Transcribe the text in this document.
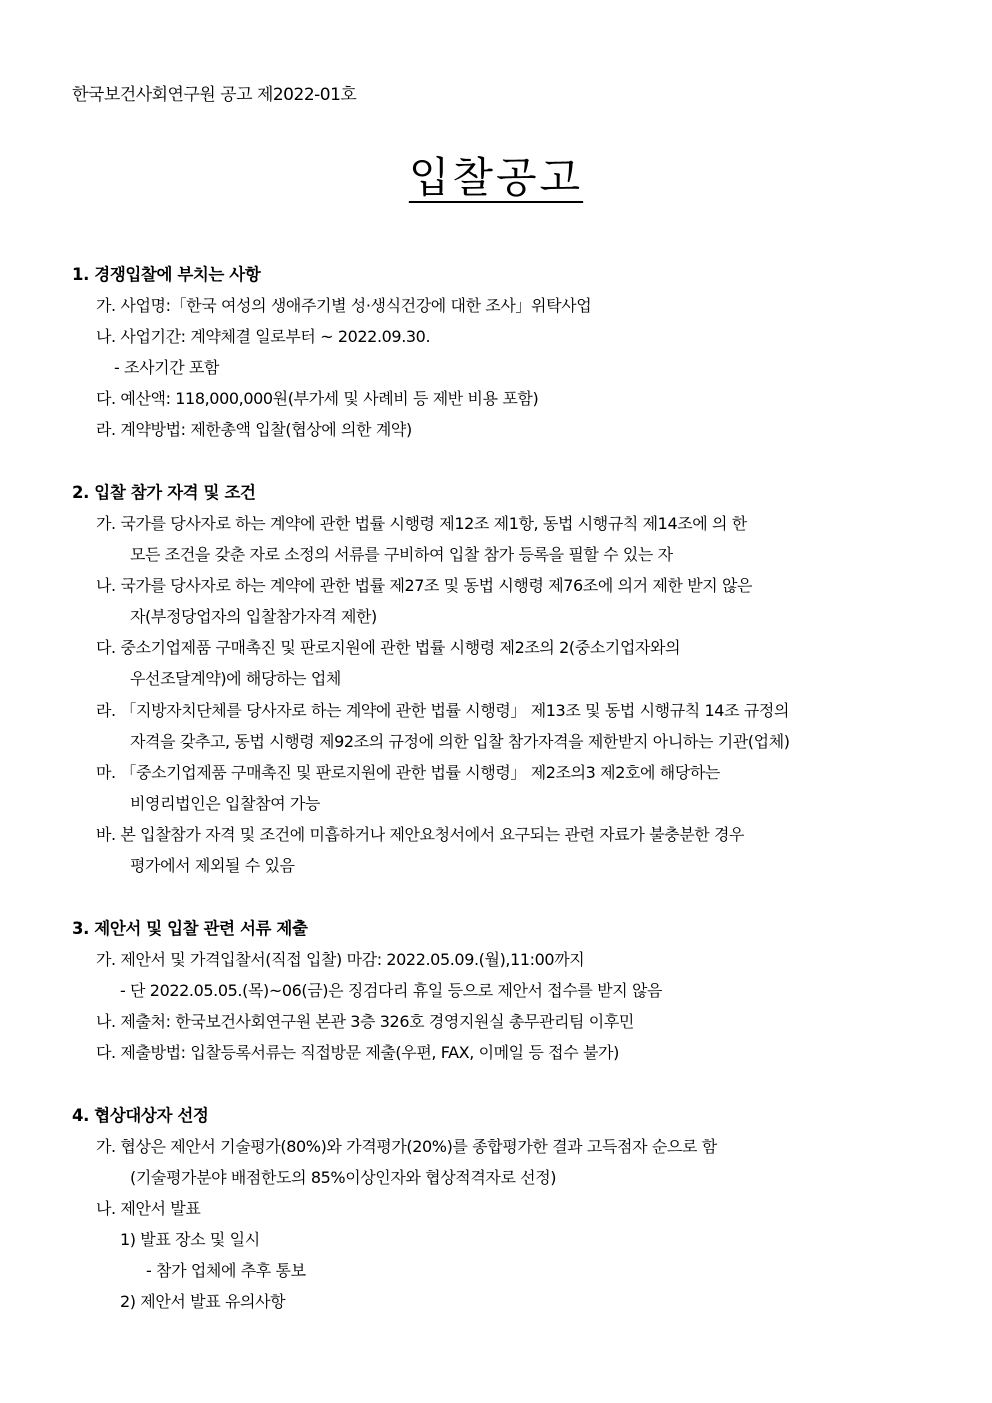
한국보건사회연구원 공고 제2022-01호
입찰공고
1. 경쟁입찰에 부치는 사항
가. 사업명:「한국 여성의 생애주기별 성·생식건강에 대한 조사」위탁사업
나. 사업기간: 계약체결 일로부터 ~ 2022.09.30.
- 조사기간 포함
다. 예산액: 118,000,000원(부가세 및 사례비 등 제반 비용 포함)
라. 계약방법: 제한총액 입찰(협상에 의한 계약)
2. 입찰 참가 자격 및 조건
가. 국가를 당사자로 하는 계약에 관한 법률 시행령 제12조 제1항, 동법 시행규칙 제14조에 의 한
모든 조건을 갖춘 자로 소정의 서류를 구비하여 입찰 참가 등록을 필할 수 있는 자
나. 국가를 당사자로 하는 계약에 관한 법률 제27조 및 동법 시행령 제76조에 의거 제한 받지 않은
자(부정당업자의 입찰참가자격 제한)
다. 중소기업제품 구매촉진 및 판로지원에 관한 법률 시행령 제2조의 2(중소기업자와의
우선조달계약)에 해당하는 업체
라. 「지방자치단체를 당사자로 하는 계약에 관한 법률 시행령」 제13조 및 동법 시행규칙 14조 규정의
자격을 갖추고, 동법 시행령 제92조의 규정에 의한 입찰 참가자격을 제한받지 아니하는 기관(업체)
마. 「중소기업제품 구매촉진 및 판로지원에 관한 법률 시행령」 제2조의3 제2호에 해당하는
비영리법인은 입찰참여 가능
바. 본 입찰참가 자격 및 조건에 미흡하거나 제안요청서에서 요구되는 관련 자료가 불충분한 경우
평가에서 제외될 수 있음
3. 제안서 및 입찰 관련 서류 제출
가. 제안서 및 가격입찰서(직접 입찰) 마감: 2022.05.09.(월),11:00까지
- 단 2022.05.05.(목)~06(금)은 징검다리 휴일 등으로 제안서 접수를 받지 않음
나. 제출처: 한국보건사회연구원 본관 3층 326호 경영지원실 총무관리팀 이후민
다. 제출방법: 입찰등록서류는 직접방문 제출(우편, FAX, 이메일 등 접수 불가)
4. 협상대상자 선정
가. 협상은 제안서 기술평가(80%)와 가격평가(20%)를 종합평가한 결과 고득점자 순으로 함
(기술평가분야 배점한도의 85%이상인자와 협상적격자로 선정)
나. 제안서 발표
1) 발표 장소 및 일시
- 참가 업체에 추후 통보
2) 제안서 발표 유의사항
